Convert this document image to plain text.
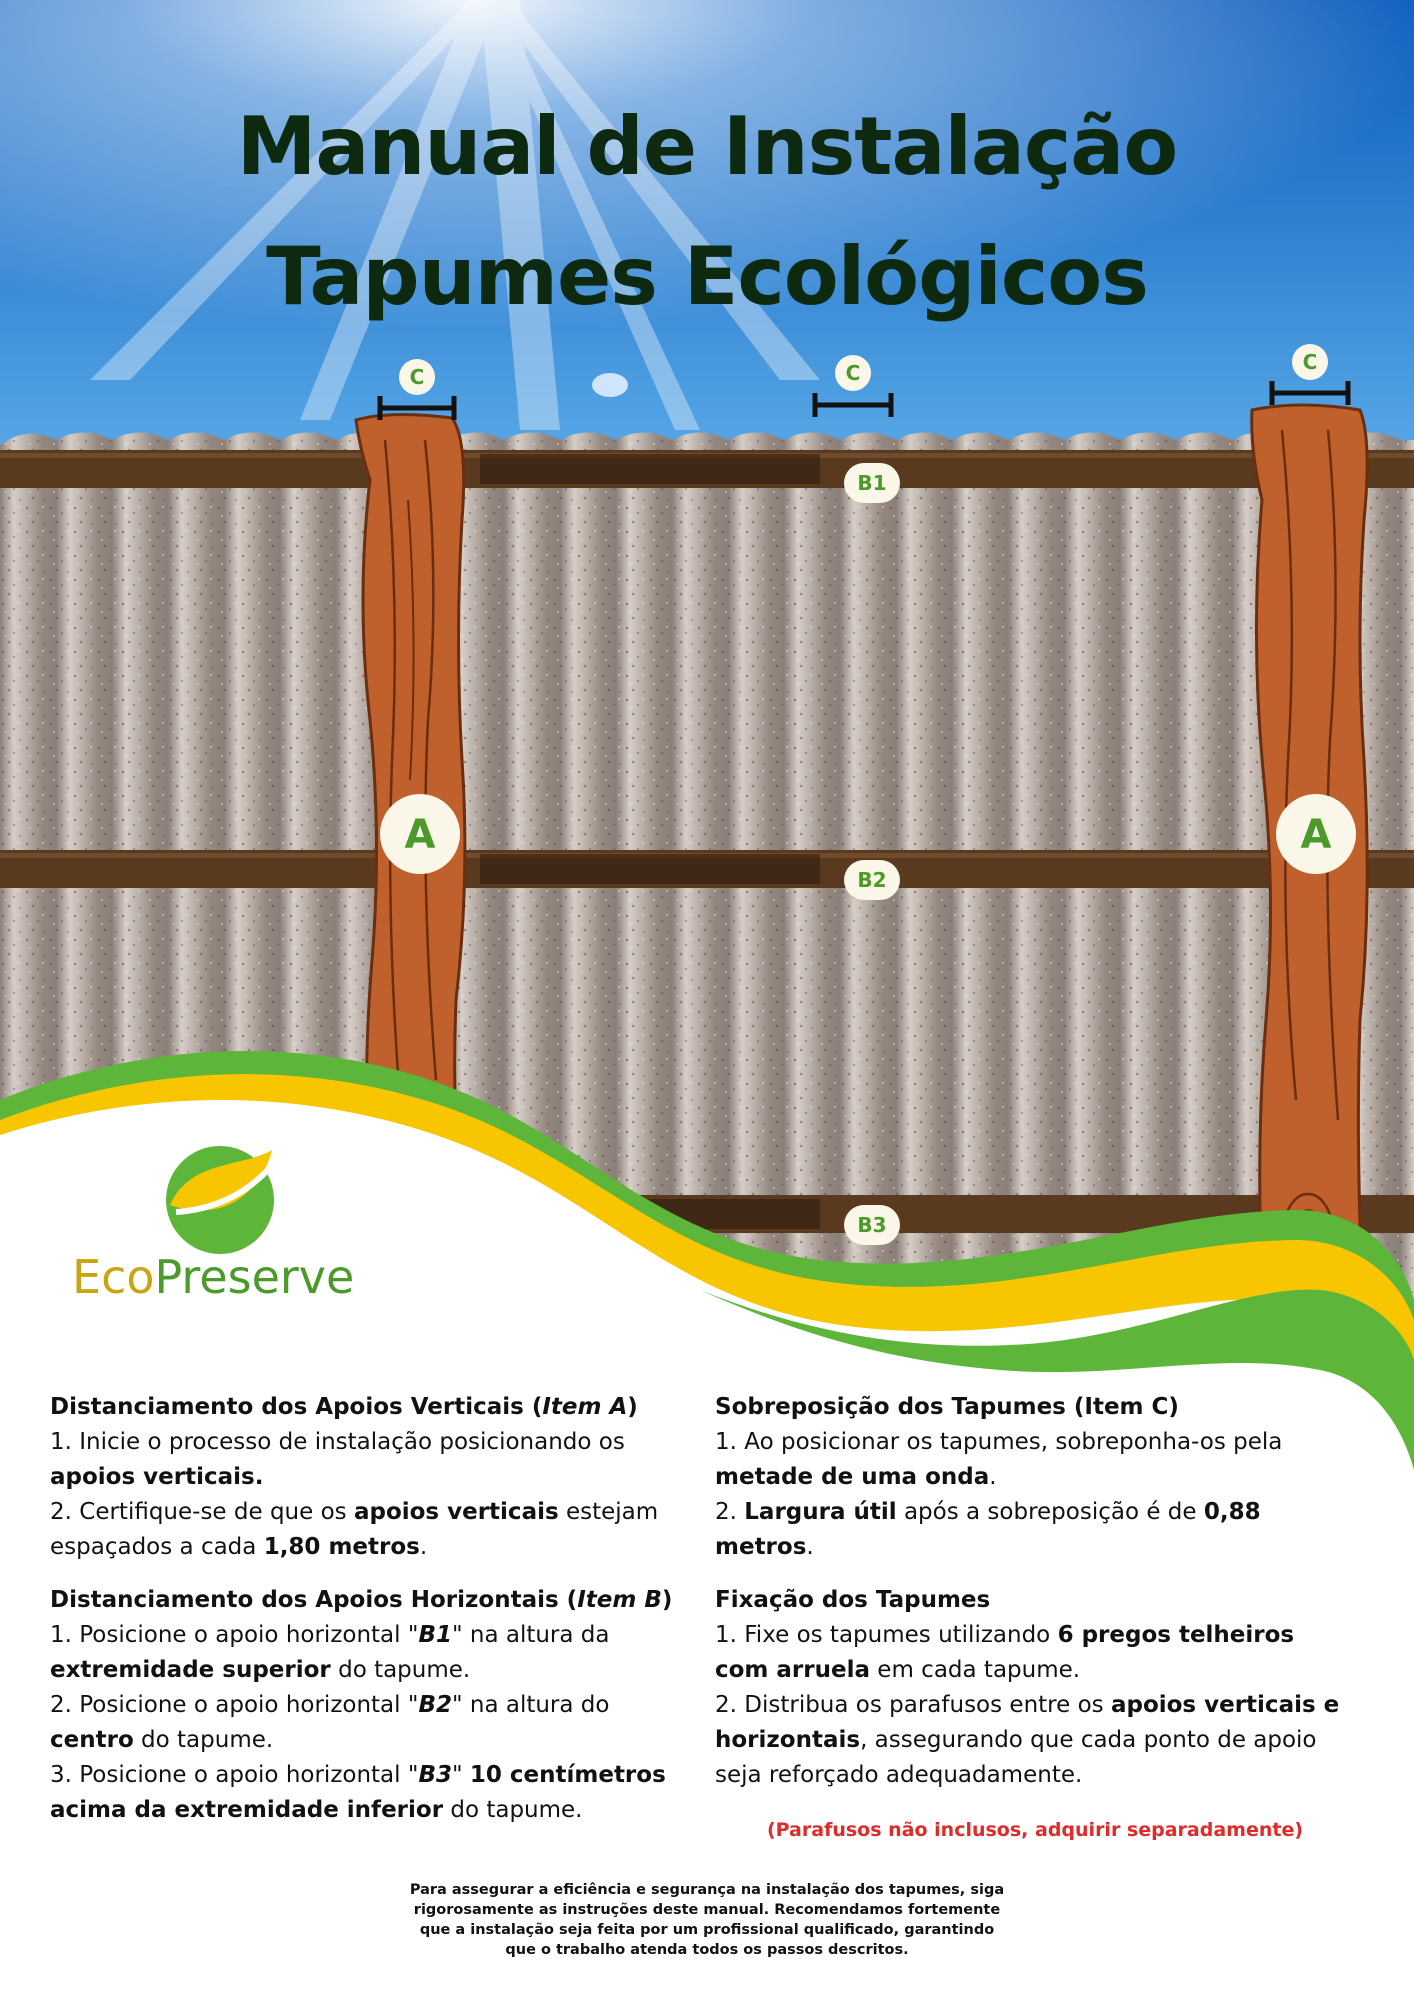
C	C	C
B1
B2
B3
A	A
Manual de Instalação
Tapumes Ecológicos
EcoPreserve
Distanciamento dos Apoios Verticais (Item A)

1. Inicie o processo de instalação posicionando os apoios verticais.

2. Certifique-se de que os apoios verticais estejam espaçados a cada 1,80 metros.

Distanciamento dos Apoios Horizontais (Item B)

1. Posicione o apoio horizontal "B1" na altura da extremidade superior do tapume.

2. Posicione o apoio horizontal "B2" na altura do centro do tapume.

3. Posicione o apoio horizontal "B3" 10 centímetros acima da extremidade inferior do tapume.

Sobreposição dos Tapumes (Item C)

1. Ao posicionar os tapumes, sobreponha-os pela metade de uma onda.

2. Largura útil após a sobreposição é de 0,88 metros.

Fixação dos Tapumes

1. Fixe os tapumes utilizando 6 pregos telheiros com arruela em cada tapume.

2. Distribua os parafusos entre os apoios verticais e horizontais, assegurando que cada ponto de apoio seja reforçado adequadamente.

(Parafusos não inclusos, adquirir separadamente)
Para assegurar a eficiência e segurança na instalação dos tapumes, siga
rigorosamente as instruções deste manual. Recomendamos fortemente
que a instalação seja feita por um profissional qualificado, garantindo
que o trabalho atenda todos os passos descritos.
